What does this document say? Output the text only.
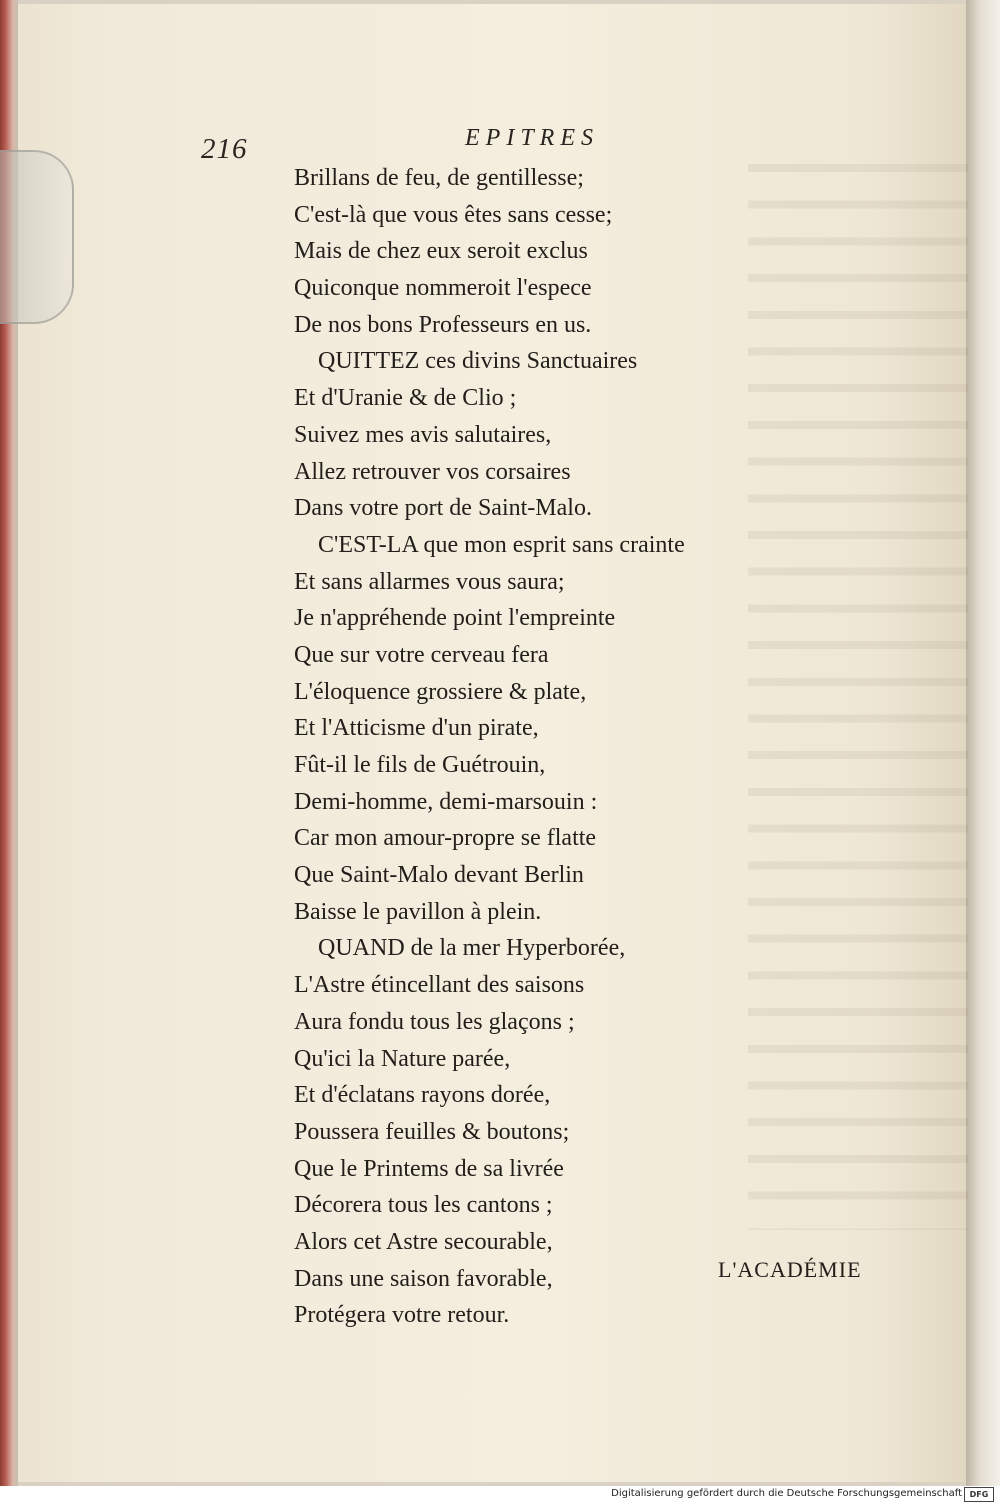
216	EPITRES
Brillans de feu, de gentillesse;
C'est-là que vous êtes sans cesse;
Mais de chez eux seroit exclus
Quiconque nommeroit l'espece
De nos bons Professeurs en us.
QUITTEZ ces divins Sanctuaires
Et d'Uranie & de Clio ;
Suivez mes avis salutaires,
Allez retrouver vos corsaires
Dans votre port de Saint-Malo.
C'EST-LA que mon esprit sans crainte
Et sans allarmes vous saura;
Je n'appréhende point l'empreinte
Que sur votre cerveau fera
L'éloquence grossiere & plate,
Et l'Atticisme d'un pirate,
Fût-il le fils de Guétrouin,
Demi-homme, demi-marsouin :
Car mon amour-propre se flatte
Que Saint-Malo devant Berlin
Baisse le pavillon à plein.
QUAND de la mer Hyperborée,
L'Astre étincellant des saisons
Aura fondu tous les glaçons ;
Qu'ici la Nature parée,
Et d'éclatans rayons dorée,
Poussera feuilles & boutons;
Que le Printems de sa livrée
Décorera tous les cantons ;
Alors cet Astre secourable,
Dans une saison favorable,
Protégera votre retour.
L'ACADÉMIE
Digitalisierung gefördert durch die Deutsche Forschungsgemeinschaft DFG
